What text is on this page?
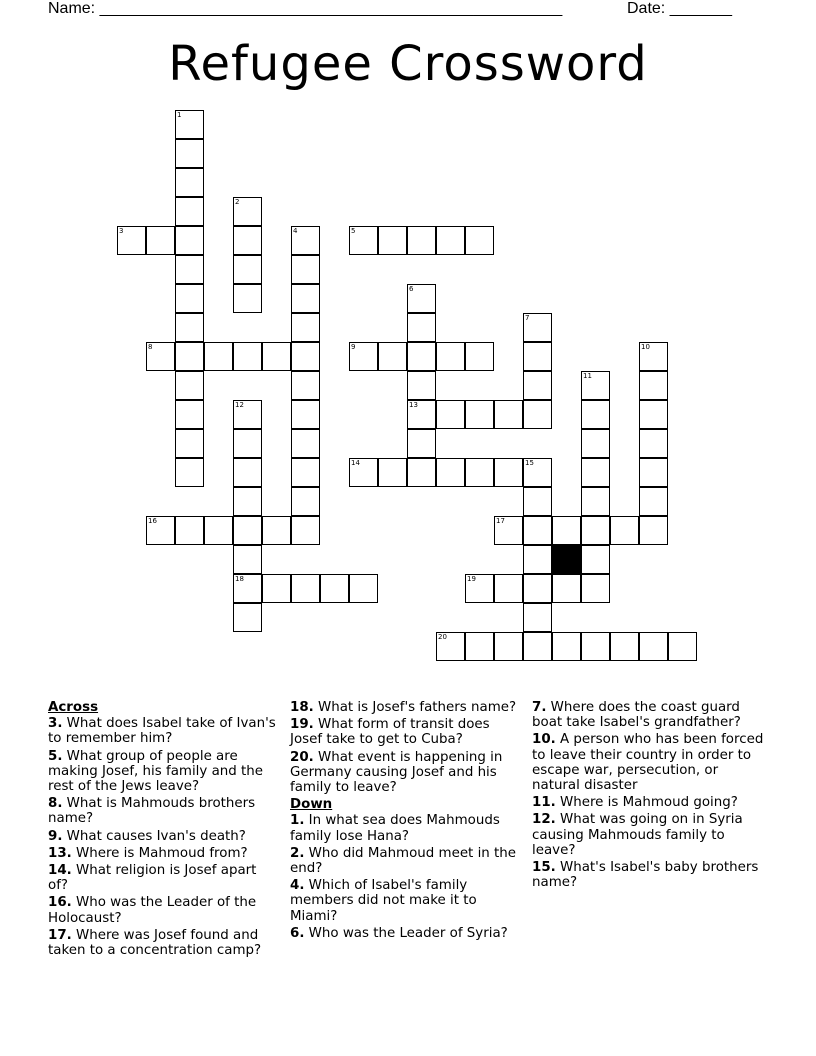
Name: ____________________________________________________	Date: _______
Refugee Crossword
1
2
3	4	5
6
13
7
8	9	10
11
12
18
14	15
16	17
19
20
Across
3. What does Isabel take of Ivan's to remember him?
5. What group of people are making Josef, his family and the rest of the Jews leave?
8. What is Mahmouds brothers name?
9. What causes Ivan's death?
13. Where is Mahmoud from?
14. What religion is Josef apart of?
16. Who was the Leader of the Holocaust?
17. Where was Josef found and taken to a concentration camp?
18. What is Josef's fathers name?
19. What form of transit does Josef take to get to Cuba?
20. What event is happening in Germany causing Josef and his family to leave?
Down
1. In what sea does Mahmouds family lose Hana?
2. Who did Mahmoud meet in the end?
4. Which of Isabel's family members did not make it to Miami?
6. Who was the Leader of Syria?
7. Where does the coast guard boat take Isabel's grandfather?
10. A person who has been forced to leave their country in order to escape war, persecution, or natural disaster
11. Where is Mahmoud going?
12. What was going on in Syria causing Mahmouds family to leave?
15. What's Isabel's baby brothers name?
